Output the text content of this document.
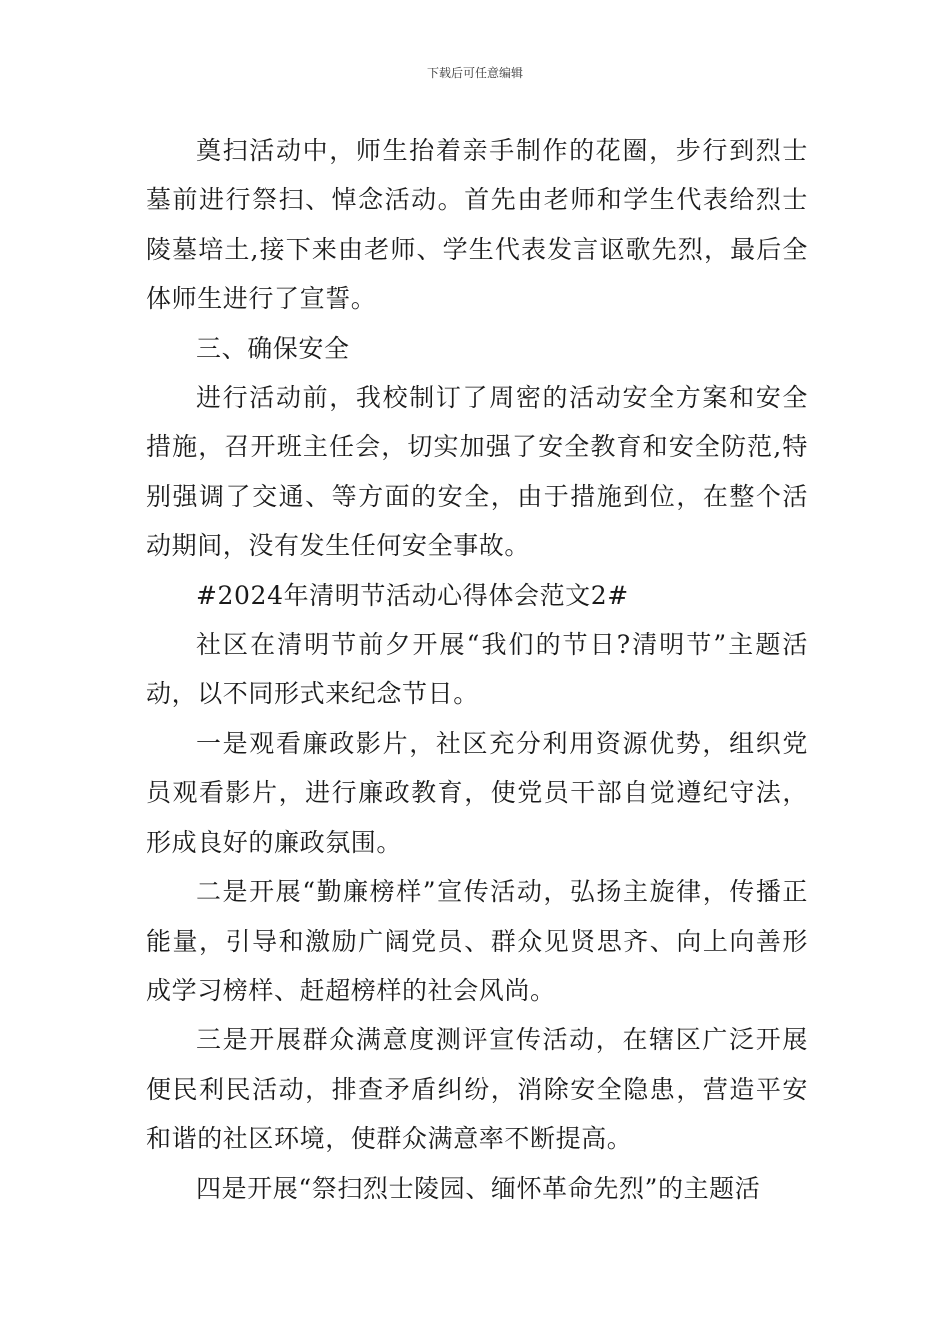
下载后可任意编辑

奠扫活动中，师生抬着亲手制作的花圈，步行到烈士墓前进行祭扫、悼念活动。首先由老师和学生代表给烈士陵墓培土,接下来由老师、学生代表发言讴歌先烈，最后全体师生进行了宣誓。

三、确保安全

进行活动前，我校制订了周密的活动安全方案和安全措施，召开班主任会，切实加强了安全教育和安全防范,特别强调了交通、等方面的安全，由于措施到位，在整个活动期间，没有发生任何安全事故。

#2024年清明节活动心得体会范文2#

社区在清明节前夕开展“我们的节日?清明节”主题活动，以不同形式来纪念节日。

一是观看廉政影片，社区充分利用资源优势，组织党员观看影片，进行廉政教育，使党员干部自觉遵纪守法，形成良好的廉政氛围。

二是开展“勤廉榜样”宣传活动，弘扬主旋律，传播正能量，引导和激励广阔党员、群众见贤思齐、向上向善形成学习榜样、赶超榜样的社会风尚。

三是开展群众满意度测评宣传活动，在辖区广泛开展便民利民活动，排查矛盾纠纷，消除安全隐患，营造平安和谐的社区环境，使群众满意率不断提高。

四是开展“祭扫烈士陵园、缅怀革命先烈”的主题活
